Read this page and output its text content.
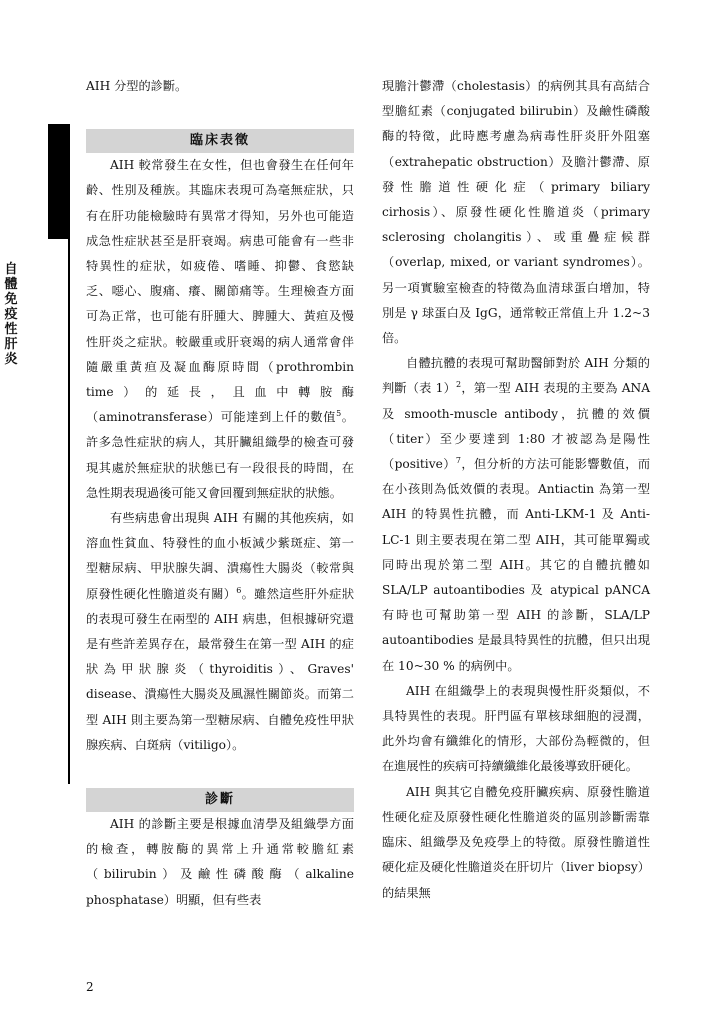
自
體
免
疫
性
肝
炎

AIH 分型的診斷。

臨床表徵

AIH 較常發生在女性，但也會發生在任何年齡、性別及種族。其臨床表現可為毫無症狀，只有在肝功能檢驗時有異常才得知，另外也可能造成急性症狀甚至是肝衰竭。病患可能會有一些非特異性的症狀，如疲倦、嗜睡、抑鬱、食慾缺乏、噁心、腹痛、癢、關節痛等。生理檢查方面可為正常，也可能有肝腫大、脾腫大、黃疸及慢性肝炎之症狀。較嚴重或肝衰竭的病人通常會伴隨嚴重黃疸及凝血酶原時間（prothrombin time）的延長，且血中轉胺酶（aminotransferase）可能達到上仟的數值$^5$。許多急性症狀的病人，其肝臟組織學的檢查可發現其處於無症狀的狀態已有一段很長的時間，在急性期表現過後可能又會回覆到無症狀的狀態。

有些病患會出現與 AIH 有關的其他疾病，如溶血性貧血、特發性的血小板減少紫斑症、第一型糖尿病、甲狀腺失調、潰瘍性大腸炎（較常與原發性硬化性膽道炎有關）$^6$。雖然這些肝外症狀的表現可發生在兩型的 AIH 病患，但根據研究還是有些許差異存在，最常發生在第一型 AIH 的症狀為甲狀腺炎（thyroiditis）、Graves' disease、潰瘍性大腸炎及風濕性關節炎。而第二型 AIH 則主要為第一型糖尿病、自體免疫性甲狀腺疾病、白斑病（vitiligo）。

診斷

AIH 的診斷主要是根據血清學及組織學方面的檢查，轉胺酶的異常上升通常較膽紅素（bilirubin）及鹼性磷酸酶（alkaline phosphatase）明顯，但有些表

現膽汁鬱滯（cholestasis）的病例其具有高結合型膽紅素（conjugated bilirubin）及鹼性磷酸酶的特徵，此時應考慮為病毒性肝炎肝外阻塞（extrahepatic obstruction）及膽汁鬱滯、原發性膽道性硬化症（primary biliary cirhosis）、原發性硬化性膽道炎（primary sclerosing cholangitis）、或重疊症候群（overlap, mixed, or variant syndromes）。另一項實驗室檢查的特徵為血清球蛋白增加，特別是 γ 球蛋白及 IgG，通常較正常值上升 1.2~3 倍。

自體抗體的表現可幫助醫師對於 AIH 分類的判斷（表 1）$^2$，第一型 AIH 表現的主要為 ANA 及 smooth-muscle antibody，抗體的效價（titer）至少要達到 1:80 才被認為是陽性（positive）$^7$，但分析的方法可能影響數值，而在小孩則為低效價的表現。Antiactin 為第一型 AIH 的特異性抗體，而 Anti-LKM-1 及 Anti-LC-1 則主要表現在第二型 AIH，其可能單獨或同時出現於第二型 AIH。其它的自體抗體如 SLA/LP autoantibodies 及 atypical pANCA 有時也可幫助第一型 AIH 的診斷，SLA/LP autoantibodies 是最具特異性的抗體，但只出現在 10~30 % 的病例中。

AIH 在組織學上的表現與慢性肝炎類似，不具特異性的表現。肝門區有單核球細胞的浸潤，此外均會有纖維化的情形，大部份為輕微的，但在進展性的疾病可持續纖維化最後導致肝硬化。

AIH 與其它自體免疫肝臟疾病、原發性膽道性硬化症及原發性硬化性膽道炎的區別診斷需靠臨床、組織學及免疫學上的特徵。原發性膽道性硬化症及硬化性膽道炎在肝切片（liver biopsy）的結果無

2
